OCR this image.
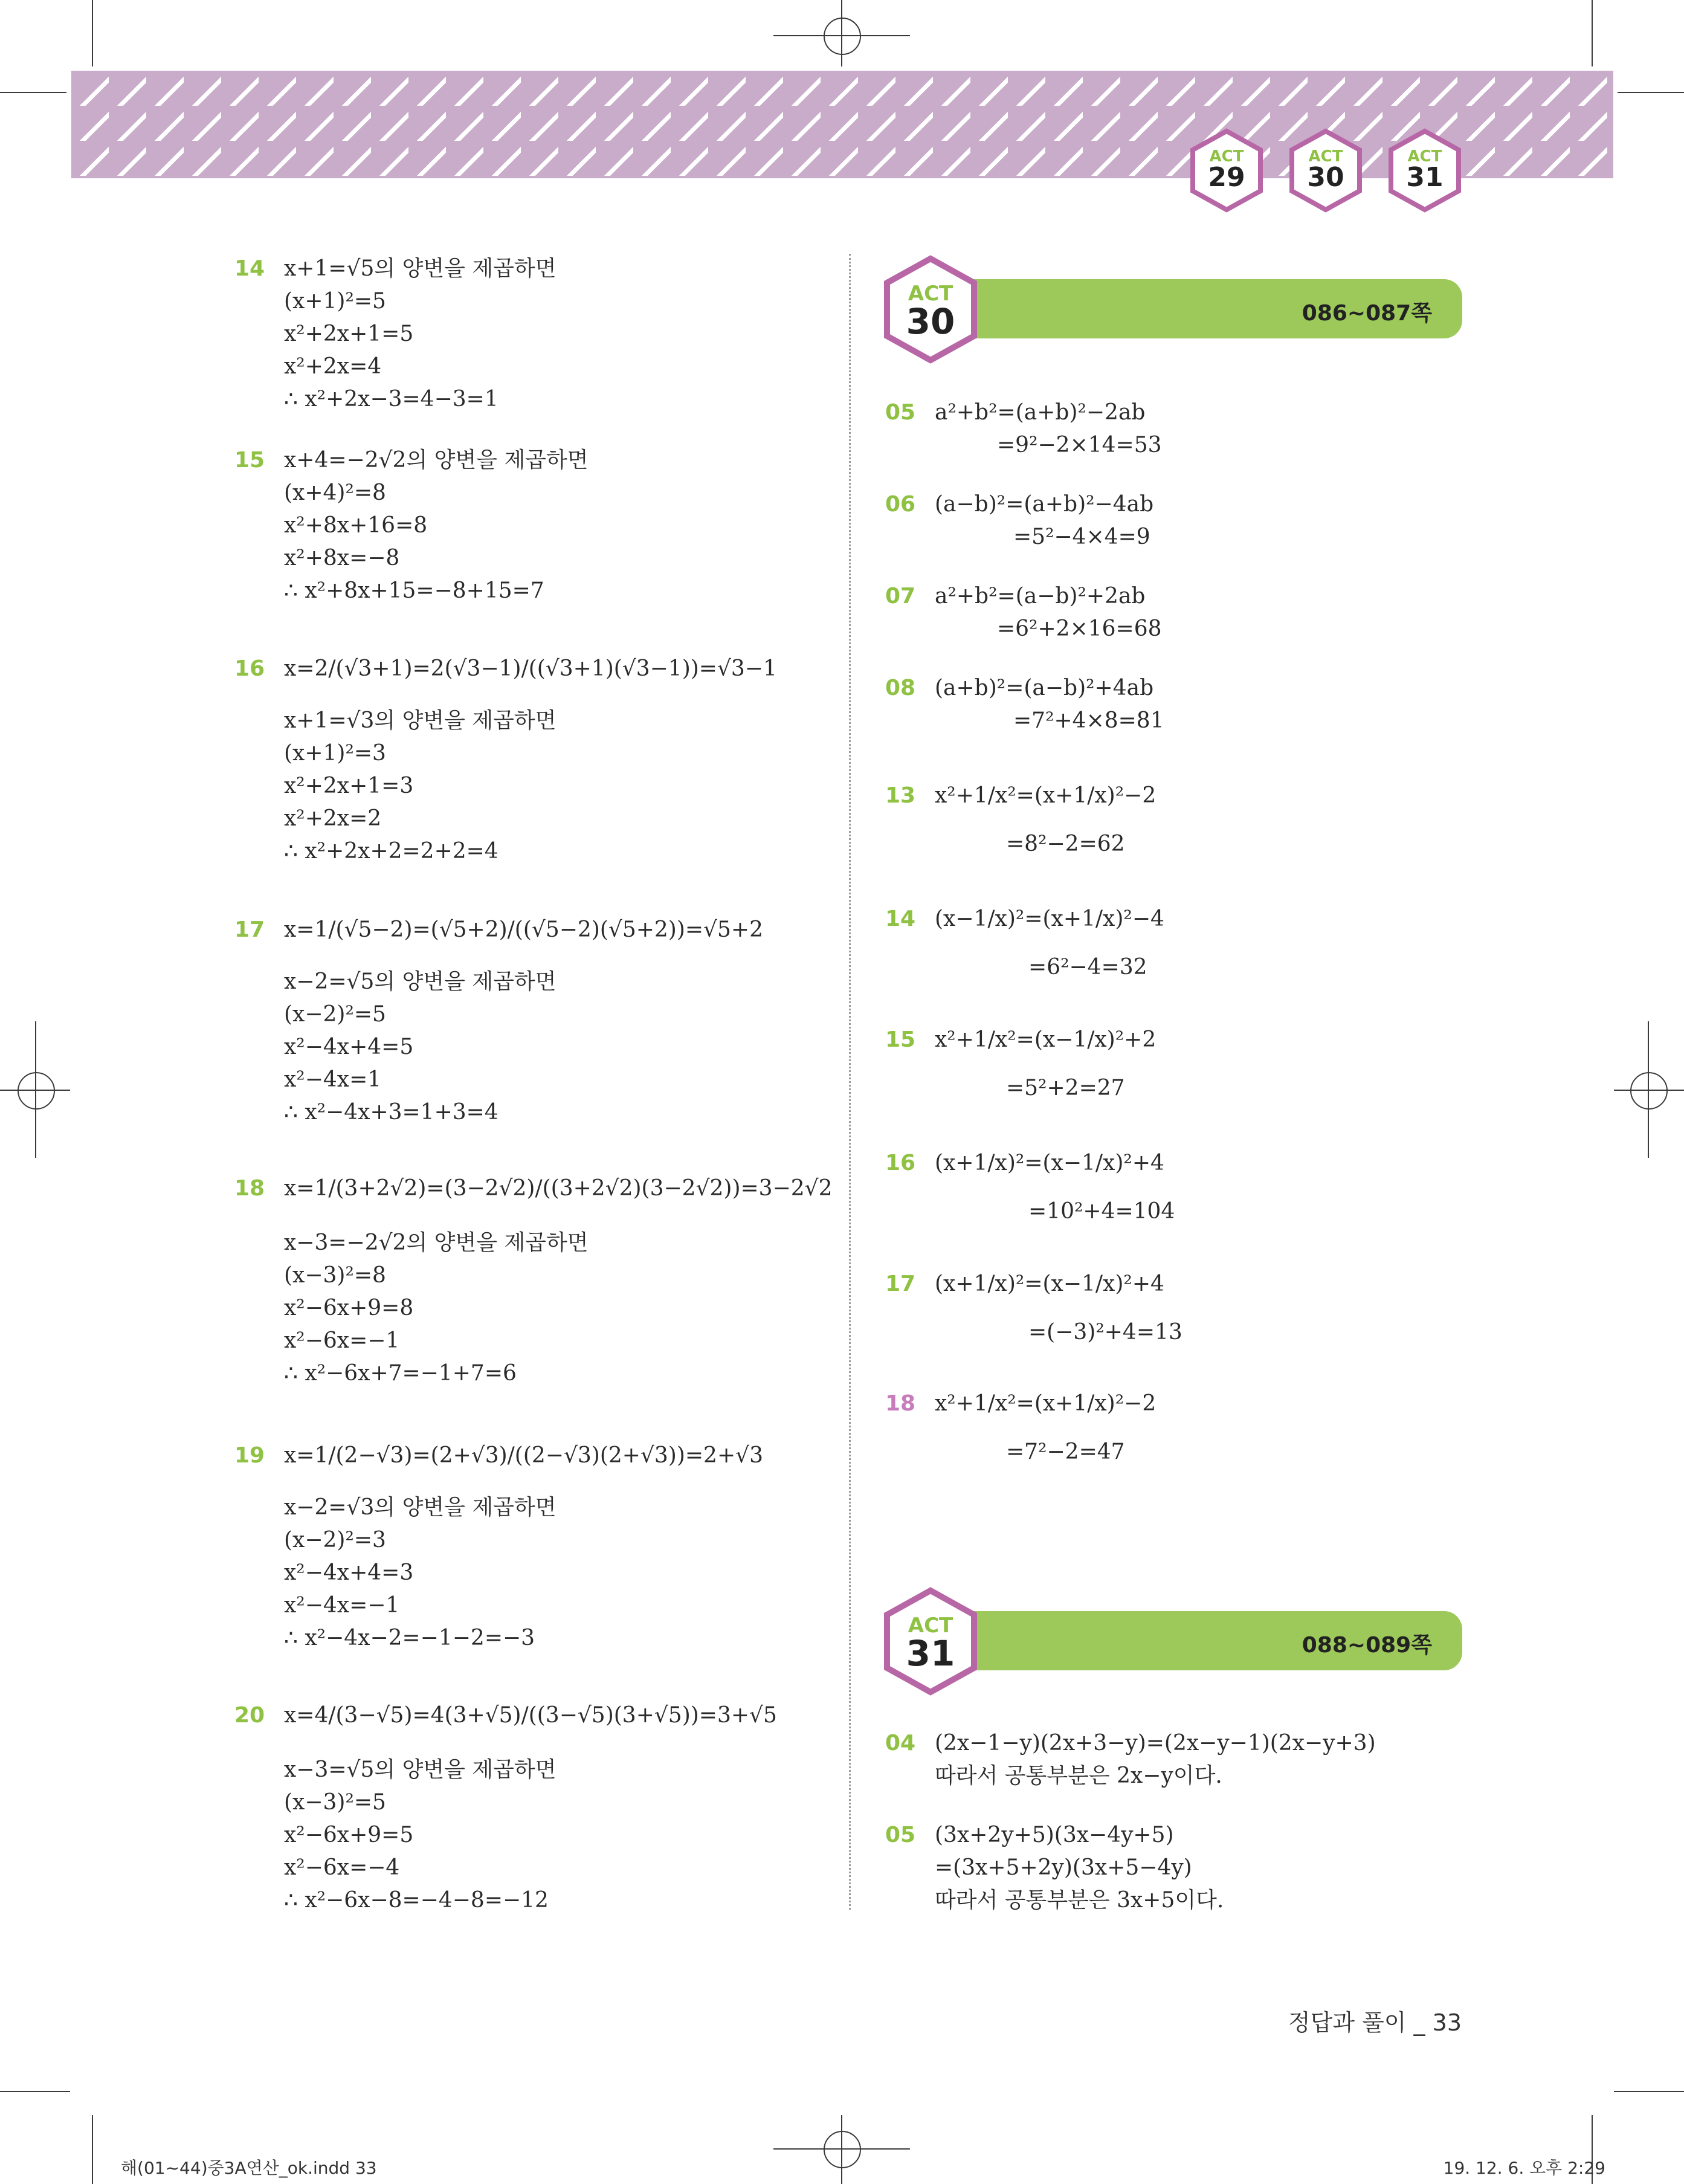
ACT
29
ACT
30
ACT
31
14 x+1=√5의 양변을 제곱하면
(x+1)²=5
x²+2x+1=5
x²+2x=4
∴ x²+2x−3=4−3=1
15 x+4=−2√2의 양변을 제곱하면
(x+4)²=8
x²+8x+16=8
x²+8x=−8
∴ x²+8x+15=−8+15=7
16 x=2/(√3+1)=2(√3−1)/((√3+1)(√3−1))=√3−1
x+1=√3의 양변을 제곱하면
(x+1)²=3
x²+2x+1=3
x²+2x=2
∴ x²+2x+2=2+2=4
17 x=1/(√5−2)=(√5+2)/((√5−2)(√5+2))=√5+2
x−2=√5의 양변을 제곱하면
(x−2)²=5
x²−4x+4=5
x²−4x=1
∴ x²−4x+3=1+3=4
18 x=1/(3+2√2)=(3−2√2)/((3+2√2)(3−2√2))=3−2√2
x−3=−2√2의 양변을 제곱하면
(x−3)²=8
x²−6x+9=8
x²−6x=−1
∴ x²−6x+7=−1+7=6
19 x=1/(2−√3)=(2+√3)/((2−√3)(2+√3))=2+√3
x−2=√3의 양변을 제곱하면
(x−2)²=3
x²−4x+4=3
x²−4x=−1
∴ x²−4x−2=−1−2=−3
20 x=4/(3−√5)=4(3+√5)/((3−√5)(3+√5))=3+√5
x−3=√5의 양변을 제곱하면
(x−3)²=5
x²−6x+9=5
x²−6x=−4
∴ x²−6x−8=−4−8=−12
086~087쪽
ACT
30
05 a²+b²=(a+b)²−2ab
=9²−2×14=53
06 (a−b)²=(a+b)²−4ab
=5²−4×4=9
07 a²+b²=(a−b)²+2ab
=6²+2×16=68
08 (a+b)²=(a−b)²+4ab
=7²+4×8=81
13 x²+1/x²=(x+1/x)²−2
=8²−2=62
14 (x−1/x)²=(x+1/x)²−4
=6²−4=32
15 x²+1/x²=(x−1/x)²+2
=5²+2=27
16 (x+1/x)²=(x−1/x)²+4
=10²+4=104
17 (x+1/x)²=(x−1/x)²+4
=(−3)²+4=13
18 x²+1/x²=(x+1/x)²−2
=7²−2=47
088~089쪽
ACT
31
04 (2x−1−y)(2x+3−y)=(2x−y−1)(2x−y+3)
따라서 공통부분은 2x−y이다.
05 (3x+2y+5)(3x−4y+5)
=(3x+5+2y)(3x+5−4y)
따라서 공통부분은 3x+5이다.
정답과 풀이 _ 33
해(01~44)중3A연산_ok.indd 33	19. 12. 6. 오후 2:29
